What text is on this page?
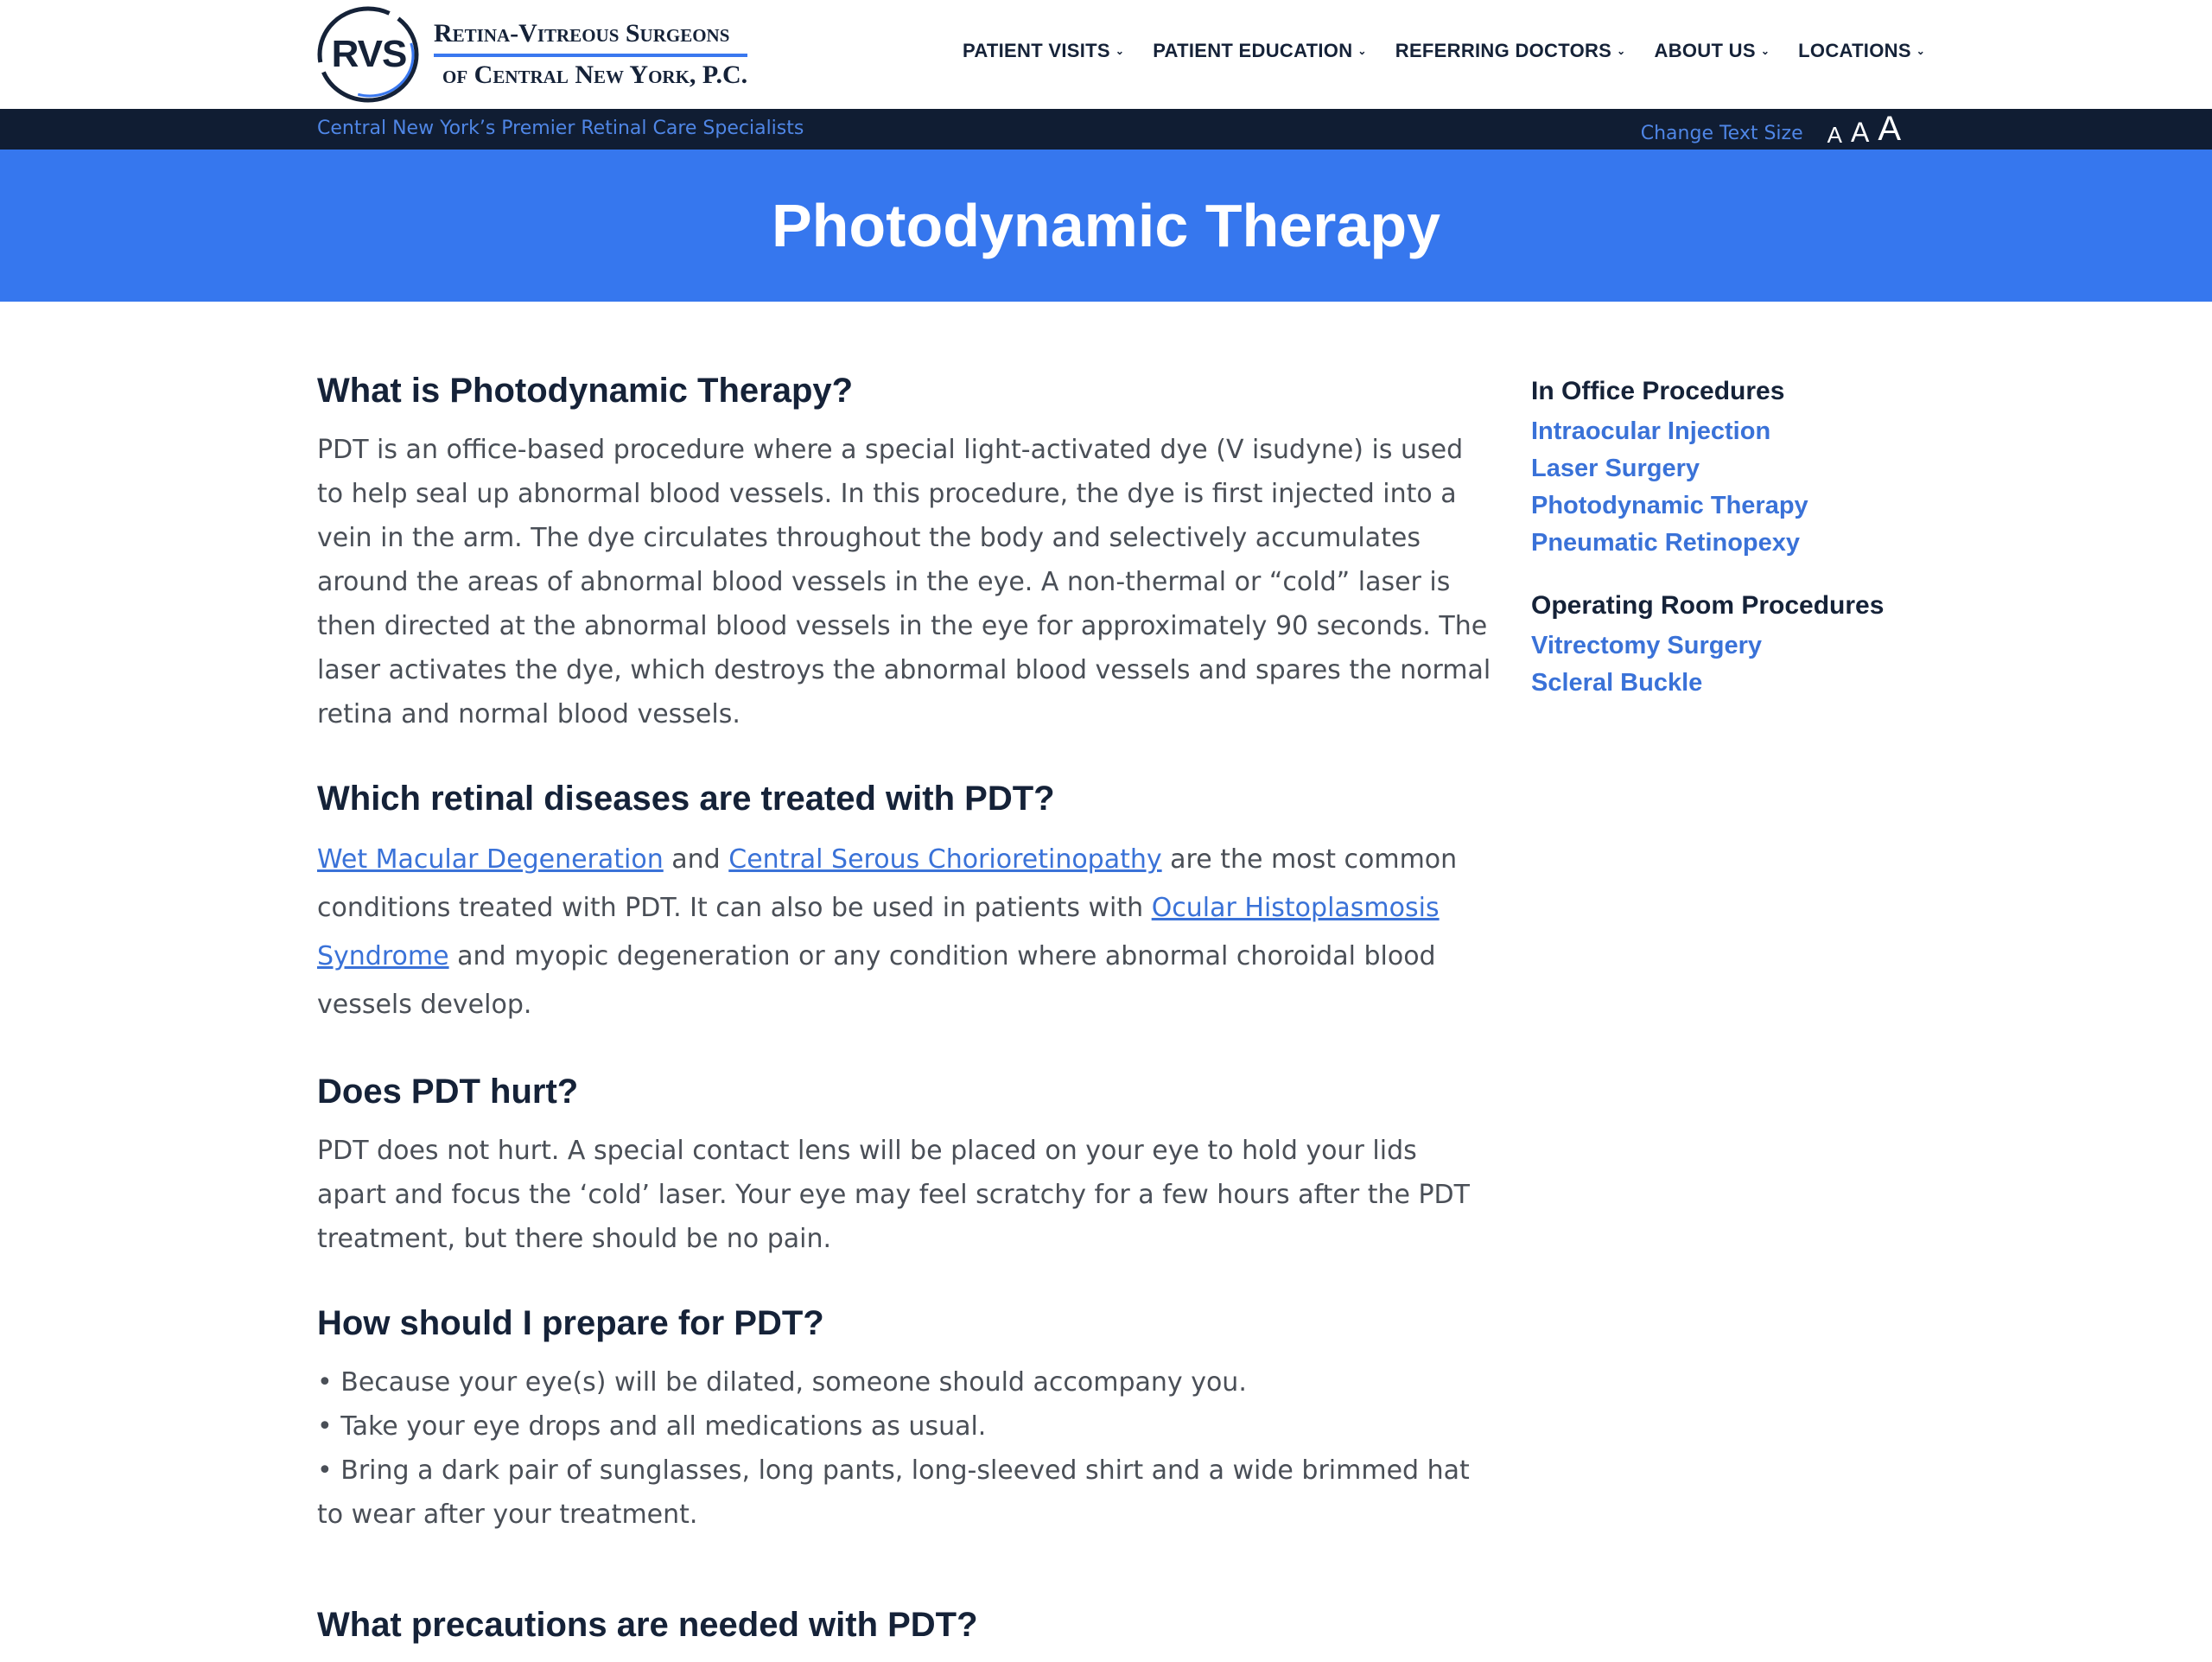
RVS	Retina-Vitreous Surgeons
of Central New York, P.C.
PATIENT VISITS ⌄ PATIENT EDUCATION ⌄ REFERRING DOCTORS ⌄ ABOUT US ⌄ LOCATIONS ⌄
Central New York’s Premier Retinal Care Specialists	Change Text Size A A A
Photodynamic Therapy
What is Photodynamic Therapy?

PDT is an office-based procedure where a special light-activated dye (V isudyne) is used to help seal up abnormal blood vessels. In this procedure, the dye is first injected into a vein in the arm. The dye circulates throughout the body and selectively accumulates around the areas of abnormal blood vessels in the eye. A non-thermal or “cold” laser is then directed at the abnormal blood vessels in the eye for approximately 90 seconds. The laser activates the dye, which destroys the abnormal blood vessels and spares the normal retina and normal blood vessels.

Which retinal diseases are treated with PDT?

Wet Macular Degeneration and Central Serous Chorioretinopathy are the most common conditions treated with PDT. It can also be used in patients with Ocular Histoplasmosis Syndrome and myopic degeneration or any condition where abnormal choroidal blood vessels develop.

Does PDT hurt?

PDT does not hurt. A special contact lens will be placed on your eye to hold your lids apart and focus the ‘cold’ laser. Your eye may feel scratchy for a few hours after the PDT treatment, but there should be no pain.

How should I prepare for PDT?
• Because your eye(s) will be dilated, someone should accompany you.
• Take your eye drops and all medications as usual.
• Bring a dark pair of sunglasses, long pants, long-sleeved shirt and a wide brimmed hat to wear after your treatment.
What precautions are needed with PDT?
In Office Procedures
Intraocular Injection
Laser Surgery
Photodynamic Therapy
Pneumatic Retinopexy
Operating Room Procedures
Vitrectomy Surgery
Scleral Buckle
